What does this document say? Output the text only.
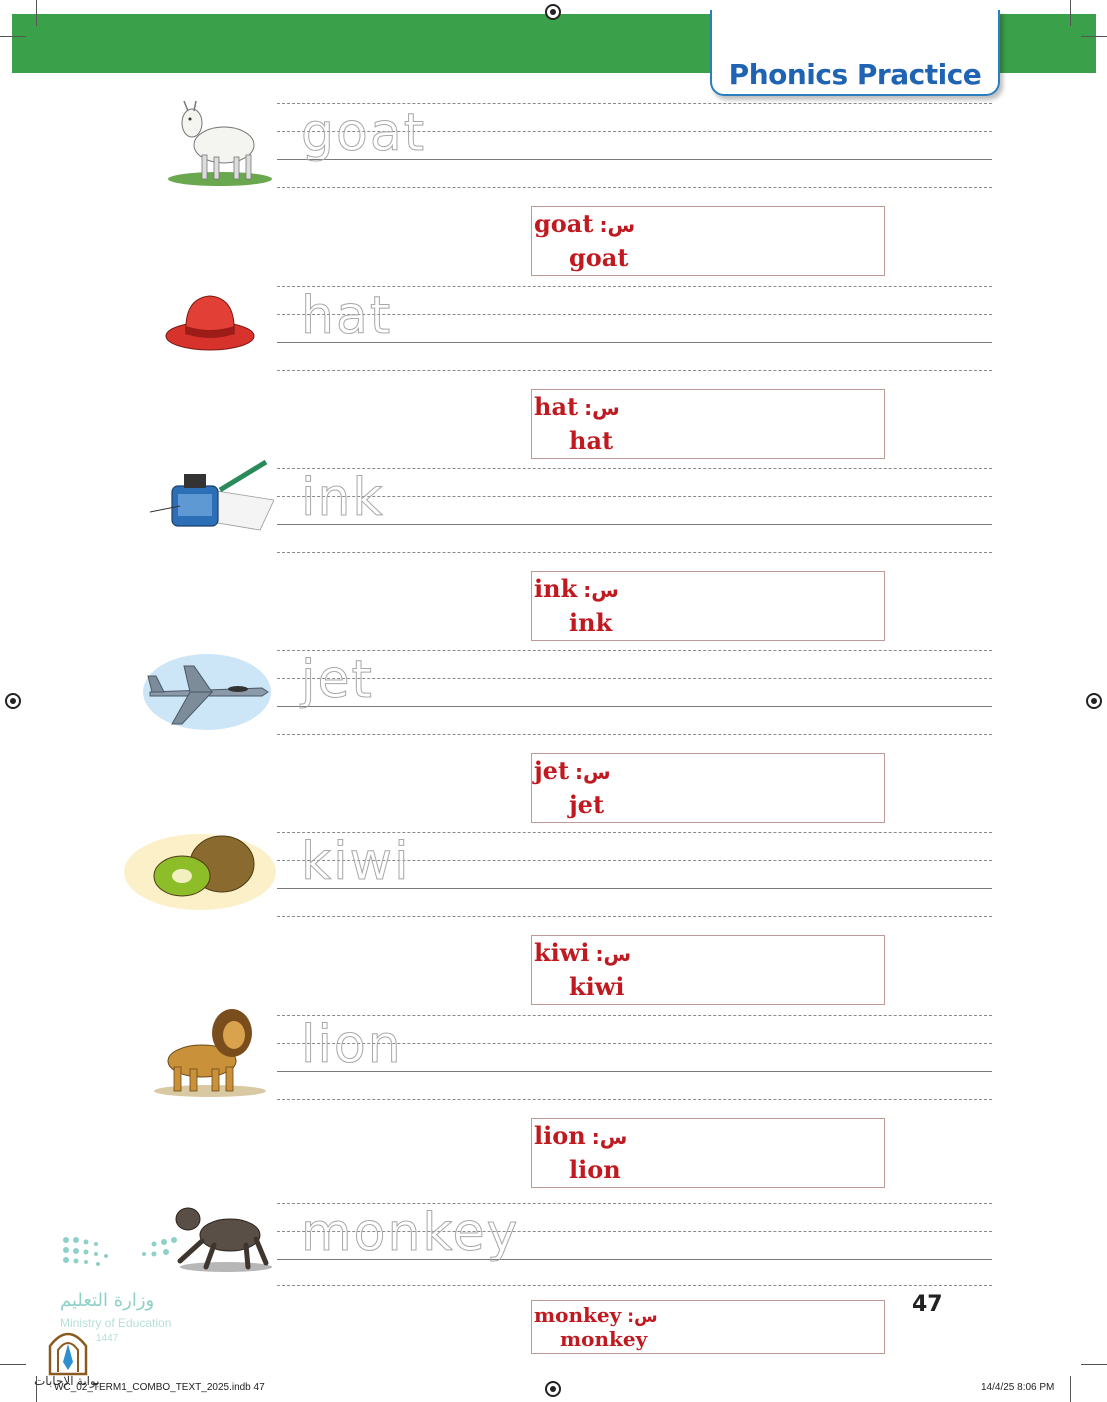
Phonics Practice
goat
goat :س
goat
hat
hat :س
hat
ink
ink :س
ink
jet
jet :س
jet
kiwi
kiwi :س
kiwi
lion
lion :س
lion
monkey
monkey :س
monkey
وزارة التعليم
Ministry of Education
1447
بوابة الإجابات
47
WC_02_TERM1_COMBO_TEXT_2025.indb 47	14/4/25 8:06 PM
